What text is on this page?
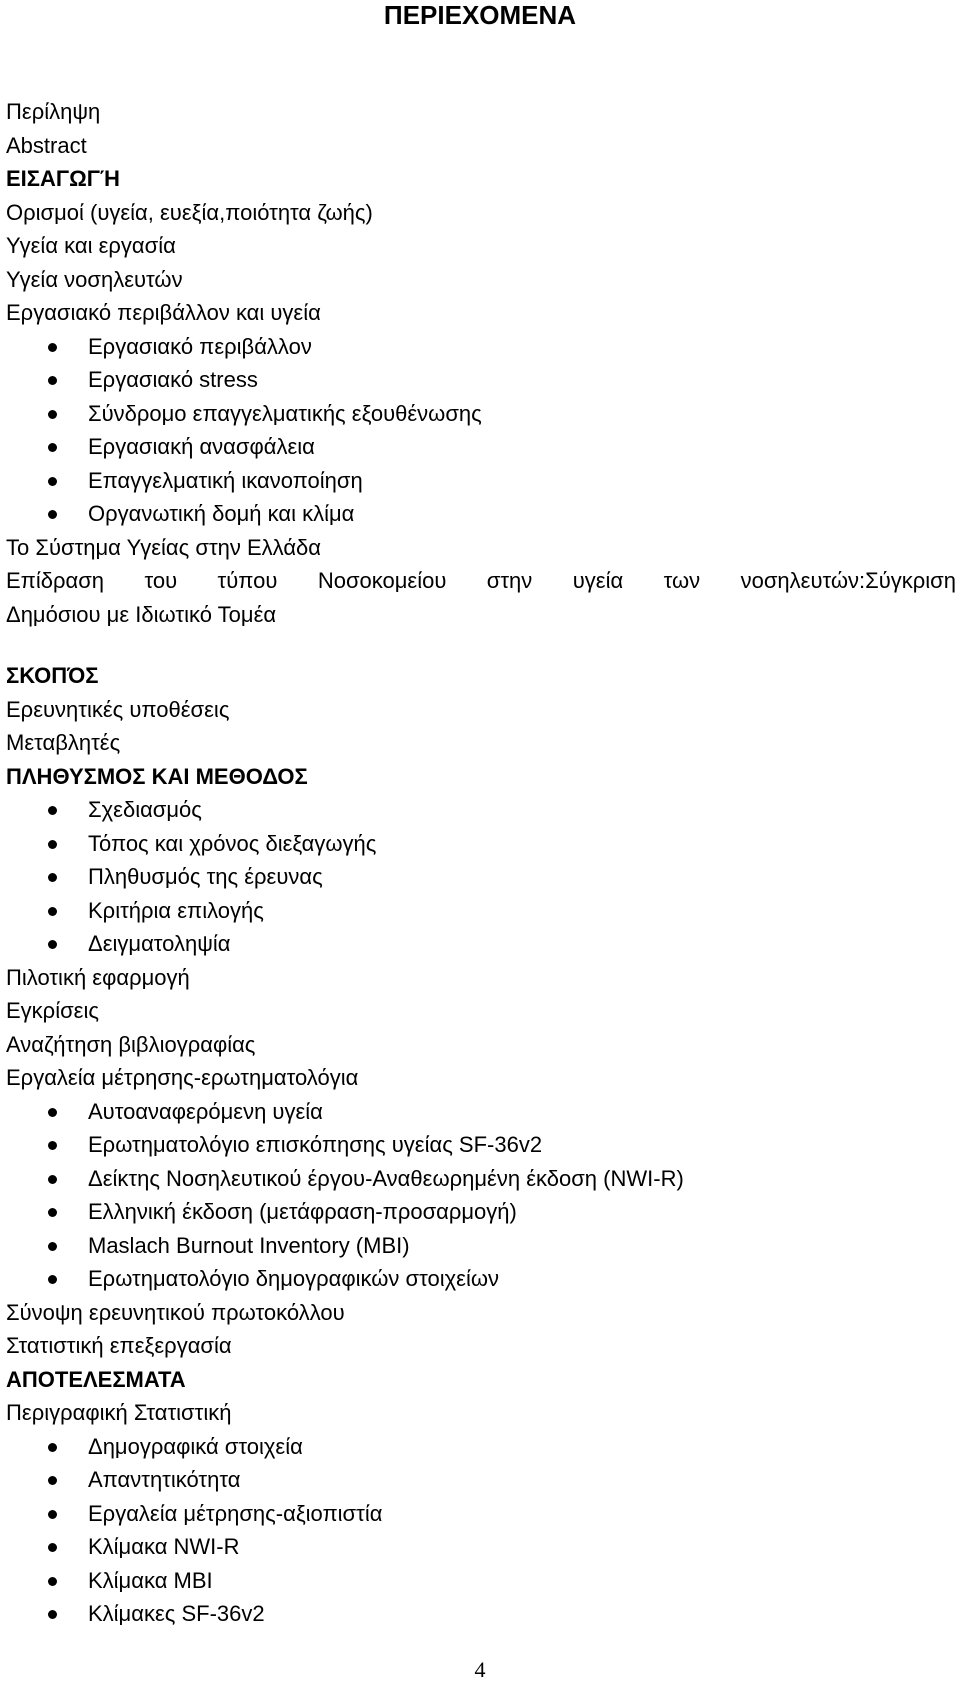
ΠΕΡΙΕΧΟΜΕΝΑ
Περίληψη
Abstract
ΕΙΣΑΓΩΓΉ
Ορισμοί (υγεία, ευεξία,ποιότητα ζωής)
Υγεία και εργασία
Υγεία νοσηλευτών
Εργασιακό περιβάλλον και υγεία
Εργασιακό περιβάλλον
Εργασιακό stress
Σύνδρομο επαγγελματικής εξουθένωσης
Εργασιακή ανασφάλεια
Επαγγελματική ικανοποίηση
Οργανωτική δομή και κλίμα
Το Σύστημα Υγείας στην Ελλάδα
Επίδραση του τύπου Νοσοκομείου στην υγεία των νοσηλευτών:Σύγκριση
Δημόσιου με Ιδιωτικό Τομέα
ΣΚΟΠΌΣ
Ερευνητικές υποθέσεις
Μεταβλητές
ΠΛΗΘΥΣΜΟΣ ΚΑΙ ΜΕΘΟΔΟΣ
Σχεδιασμός
Τόπος και χρόνος διεξαγωγής
Πληθυσμός της έρευνας
Κριτήρια επιλογής
Δειγματοληψία
Πιλοτική εφαρμογή
Εγκρίσεις
Αναζήτηση βιβλιογραφίας
Εργαλεία μέτρησης-ερωτηματολόγια
Αυτοαναφερόμενη υγεία
Ερωτηματολόγιο επισκόπησης υγείας SF-36v2
Δείκτης Νοσηλευτικού έργου-Αναθεωρημένη έκδοση (NWI-R)
Ελληνική έκδοση (μετάφραση-προσαρμογή)
Maslach Burnout Inventory (MBI)
Ερωτηματολόγιο δημογραφικών στοιχείων
Σύνοψη ερευνητικού πρωτοκόλλου
Στατιστική επεξεργασία
ΑΠΟΤΕΛΕΣΜΑΤΑ
Περιγραφική Στατιστική
Δημογραφικά στοιχεία
Απαντητικότητα
Εργαλεία μέτρησης-αξιοπιστία
Κλίμακα NWI-R
Κλίμακα MBI
Κλίμακες SF-36v2
4
